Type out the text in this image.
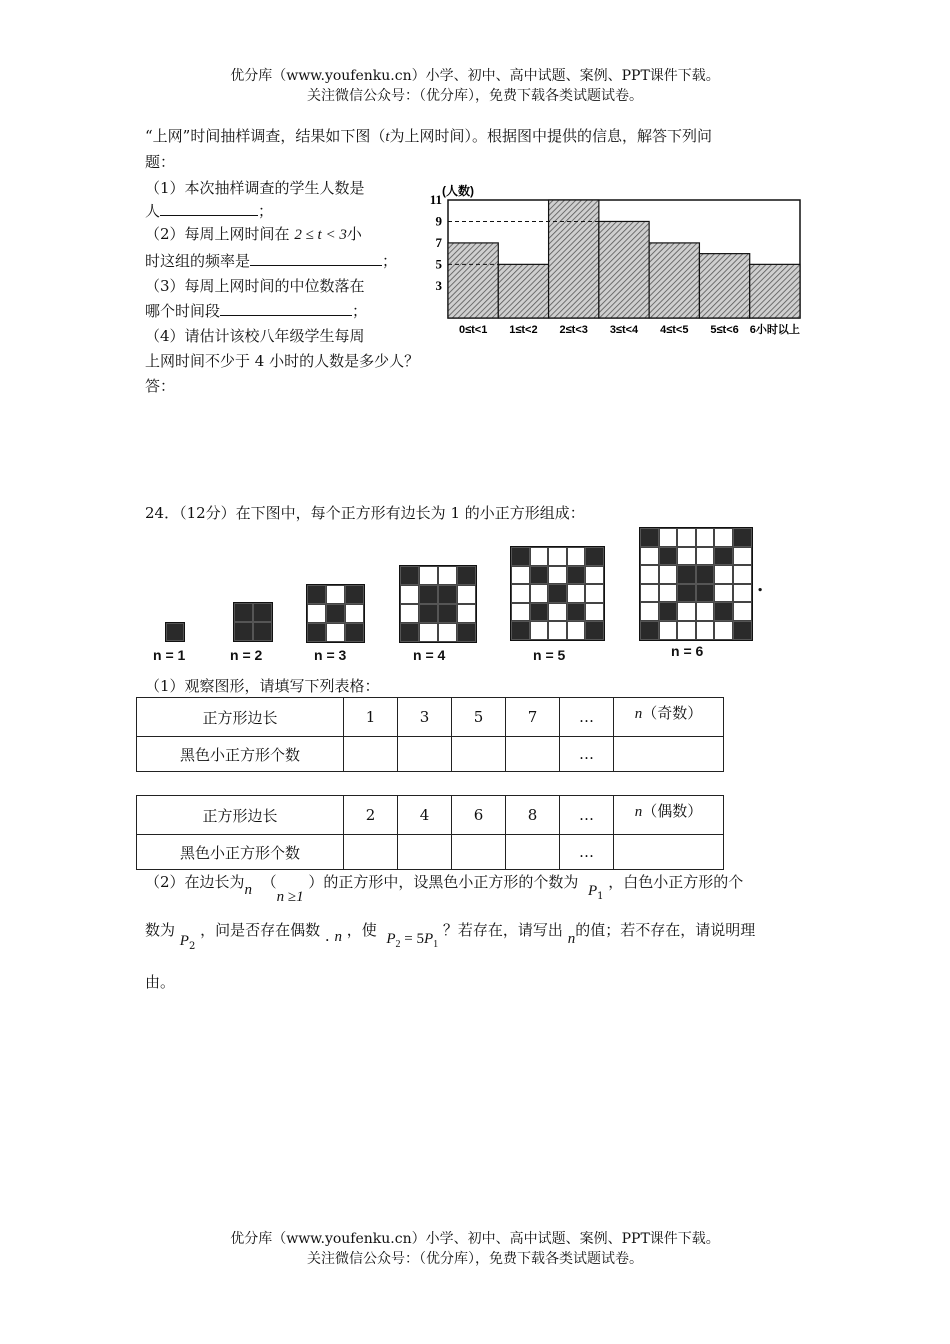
优分库（www.youfenku.cn）小学、初中、高中试题、案例、PPT课件下载。
关注微信公众号：（优分库），免费下载各类试题试卷。
“上网”时间抽样调查，结果如下图（t为上网时间）。根据图中提供的信息，解答下列问
题：
（1）本次抽样调查的学生人数是
人	；
（2）每周上网时间在 2 ≤ t < 3小
时这组的频率是	；
（3）每周上网时间的中位数落在
哪个时间段	；
（4）请估计该校八年级学生每周
上网时间不少于 4 小时的人数是多少人？
答：
3
5
7
9
11
(人数)
0≤t<1 1≤t<2 2≤t<3 3≤t<4 4≤t<5 5≤t<6 6小时以上
24．（12分）在下图中，每个正方形有边长为 1 的小正方形组成：
n = 1	n = 2	n = 3	n = 4	n = 5	n = 6
.
（1）观察图形，请填写下列表格：
正方形边长	1	3	5	7	…	n（奇数）
黑色小正方形个数					…	
正方形边长	2	4	6	8	…	n（偶数）
黑色小正方形个数					…	
（2）在边长为n （n ≥1 ）的正方形中，设黑色小正方形的个数为 $P_1$ ，白色小正方形的个
数为 $P_2$ ，问是否存在偶数 . n ，使 $P_2 = 5P_1$ ？若存在，请写出 n的值；若不存在，请说明理
由。
优分库（www.youfenku.cn）小学、初中、高中试题、案例、PPT课件下载。
关注微信公众号：（优分库），免费下载各类试题试卷。
